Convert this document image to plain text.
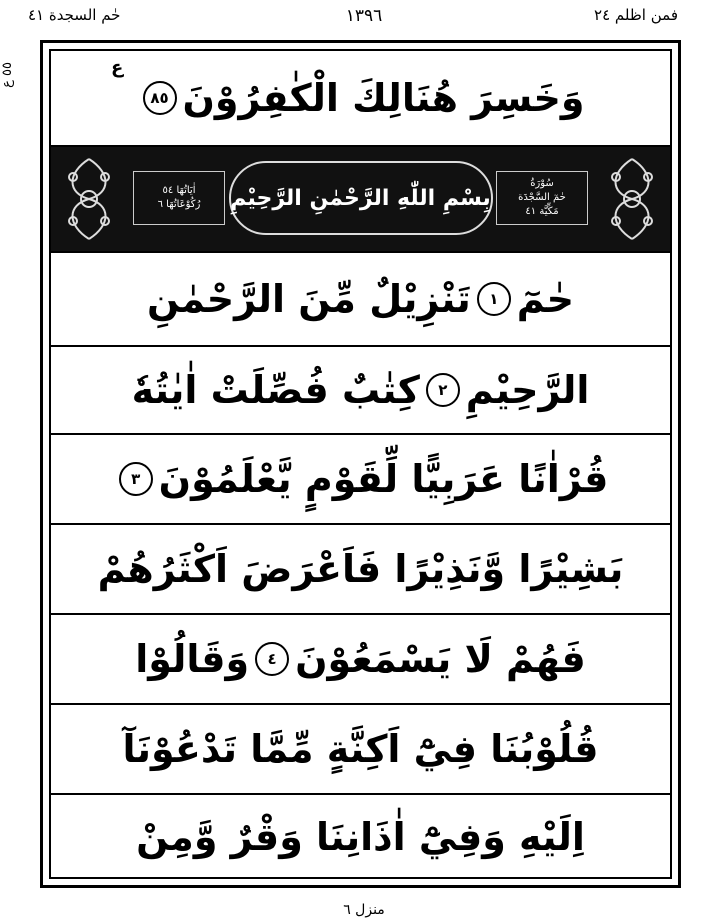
حٰم السجدة ٤١	١٣٩٦	فمن اظلم ٢٤
٥٥ ع
وَخَسِرَ هُنَالِكَ الْكٰفِرُوْنَ
٨٥
ع
سُوْرَةُ
حٰمٓ السَّجْدَة
مَكِّيَّة ٤١
بِسْمِ اللّٰهِ الرَّحْمٰنِ الرَّحِيْمِ
اٰيَاتُهَا ٥٤
رُكُوْعَاتُهَا ٦
حٰمٓ
١
تَنْزِيْلٌ مِّنَ الرَّحْمٰنِ
الرَّحِيْمِ
٢
كِتٰبٌ فُصِّلَتْ اٰيٰتُهٗ
قُرْاٰنًا عَرَبِيًّا لِّقَوْمٍ يَّعْلَمُوْنَ
٣
بَشِيْرًا وَّنَذِيْرًا فَاَعْرَضَ اَكْثَرُهُمْ
فَهُمْ لَا يَسْمَعُوْنَ
٤
وَقَالُوْا
قُلُوْبُنَا فِيْٓ اَكِنَّةٍ مِّمَّا تَدْعُوْنَآ
اِلَيْهِ وَفِيْٓ اٰذَانِنَا وَقْرٌ وَّمِنْ
منزل ٦
